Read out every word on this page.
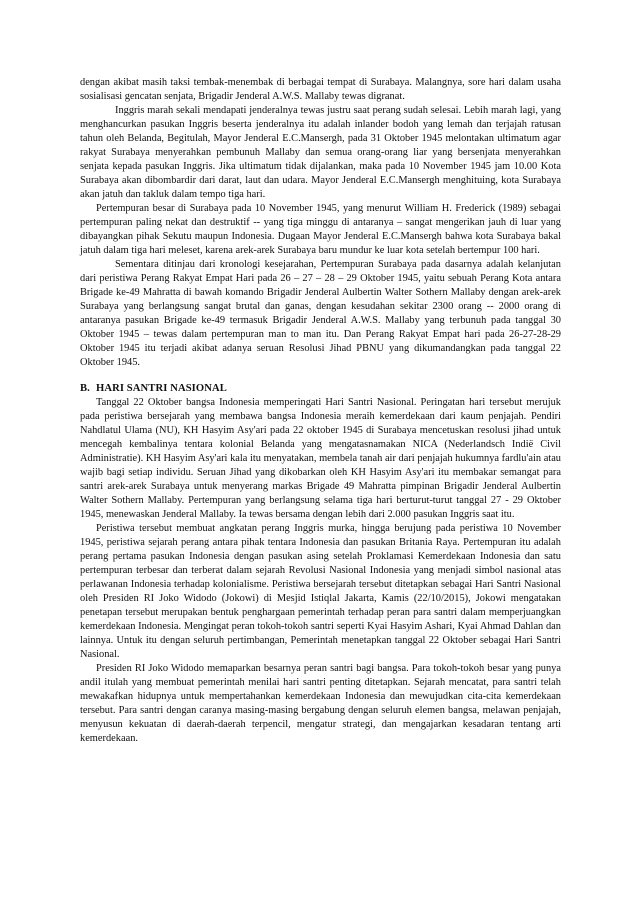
dengan akibat masih taksi tembak-menembak di berbagai tempat di Surabaya. Malangnya, sore hari dalam usaha sosialisasi gencatan senjata, Brigadir Jenderal A.W.S. Mallaby tewas digranat.

Inggris marah sekali mendapati jenderalnya tewas justru saat perang sudah selesai. Lebih marah lagi, yang menghancurkan pasukan Inggris beserta jenderalnya itu adalah inlander bodoh yang lemah dan terjajah ratusan tahun oleh Belanda, Begitulah, Mayor Jenderal E.C.Mansergh, pada 31 Oktober 1945 melontakan ultimatum agar rakyat Surabaya menyerahkan pembunuh Mallaby dan semua orang-orang liar yang bersenjata menyerahkan senjata kepada pasukan Inggris. Jika ultimatum tidak dijalankan, maka pada 10 November 1945 jam 10.00 Kota Surabaya akan dibombardir dari darat, laut dan udara. Mayor Jenderal E.C.Mansergh menghituing, kota Surabaya akan jatuh dan takluk dalam tempo tiga hari.

Pertempuran besar di Surabaya pada 10 November 1945, yang menurut William H. Frederick (1989) sebagai pertempuran paling nekat dan destruktif -- yang tiga minggu di antaranya – sangat mengerikan jauh di luar yang dibayangkan pihak Sekutu maupun Indonesia. Dugaan Mayor Jenderal E.C.Mansergh bahwa kota Surabaya bakal jatuh dalam tiga hari meleset, karena arek-arek Surabaya baru mundur ke luar kota setelah bertempur 100 hari.

Sementara ditinjau dari kronologi kesejarahan, Pertempuran Surabaya pada dasarnya adalah kelanjutan dari peristiwa Perang Rakyat Empat Hari pada 26 – 27 – 28 – 29 Oktober 1945, yaitu sebuah Perang Kota antara Brigade ke-49 Mahratta di bawah komando Brigadir Jenderal Aulbertin Walter Sothern Mallaby dengan arek-arek Surabaya yang berlangsung sangat brutal dan ganas, dengan kesudahan sekitar 2300 orang -- 2000 orang di antaranya pasukan Brigade ke-49 termasuk Brigadir Jenderal A.W.S. Mallaby yang terbunuh pada tanggal 30 Oktober 1945 – tewas dalam pertempuran man to man itu. Dan Perang Rakyat Empat hari pada 26-27-28-29 Oktober 1945 itu terjadi akibat adanya seruan Resolusi Jihad PBNU yang dikumandangkan pada tanggal 22 Oktober 1945.

B. HARI SANTRI NASIONAL

Tanggal 22 Oktober bangsa Indonesia memperingati Hari Santri Nasional. Peringatan hari tersebut merujuk pada peristiwa bersejarah yang membawa bangsa Indonesia meraih kemerdekaan dari kaum penjajah. Pendiri Nahdlatul Ulama (NU), KH Hasyim Asy'ari pada 22 oktober 1945 di Surabaya mencetuskan resolusi jihad untuk mencegah kembalinya tentara kolonial Belanda yang mengatasnamakan NICA (Nederlandsch Indiё Civil Administratie). KH Hasyim Asy'ari kala itu menyatakan, membela tanah air dari penjajah hukumnya fardlu'ain atau wajib bagi setiap individu. Seruan Jihad yang dikobarkan oleh KH Hasyim Asy'ari itu membakar semangat para santri arek-arek Surabaya untuk menyerang markas Brigade 49 Mahratta pimpinan Brigadir Jenderal Aulbertin Walter Sothern Mallaby. Pertempuran yang berlangsung selama tiga hari berturut-turut tanggal 27 - 29 Oktober 1945, menewaskan Jenderal Mallaby. Ia tewas bersama dengan lebih dari 2.000 pasukan Inggris saat itu.

Peristiwa tersebut membuat angkatan perang Inggris murka, hingga berujung pada peristiwa 10 November 1945, peristiwa sejarah perang antara pihak tentara Indonesia dan pasukan Britania Raya. Pertempuran itu adalah perang pertama pasukan Indonesia dengan pasukan asing setelah Proklamasi Kemerdekaan Indonesia dan satu pertempuran terbesar dan terberat dalam sejarah Revolusi Nasional Indonesia yang menjadi simbol nasional atas perlawanan Indonesia terhadap kolonialisme. Peristiwa bersejarah tersebut ditetapkan sebagai Hari Santri Nasional oleh Presiden RI Joko Widodo (Jokowi) di Mesjid Istiqlal Jakarta, Kamis (22/10/2015), Jokowi mengatakan penetapan tersebut merupakan bentuk penghargaan pemerintah terhadap peran para santri dalam memperjuangkan kemerdekaan Indonesia. Mengingat peran tokoh-tokoh santri seperti Kyai Hasyim Ashari, Kyai Ahmad Dahlan dan lainnya. Untuk itu dengan seluruh pertimbangan, Pemerintah menetapkan tanggal 22 Oktober sebagai Hari Santri Nasional.

Presiden RI Joko Widodo memaparkan besarnya peran santri bagi bangsa. Para tokoh-tokoh besar yang punya andil itulah yang membuat pemerintah menilai hari santri penting ditetapkan. Sejarah mencatat, para santri telah mewakafkan hidupnya untuk mempertahankan kemerdekaan Indonesia dan mewujudkan cita-cita kemerdekaan tersebut. Para santri dengan caranya masing-masing bergabung dengan seluruh elemen bangsa, melawan penjajah, menyusun kekuatan di daerah-daerah terpencil, mengatur strategi, dan mengajarkan kesadaran tentang arti kemerdekaan.
